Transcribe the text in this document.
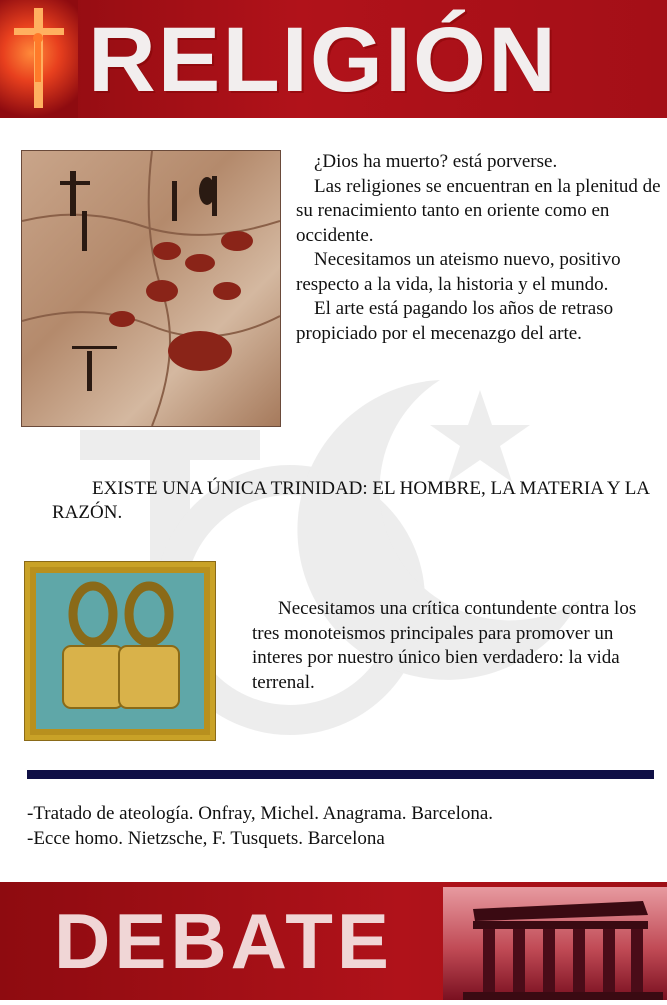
RELIGIÓN

¿Dios ha muerto? está porverse.

Las religiones se encuentran en la plenitud de su renacimiento tanto en oriente como en occidente.

Necesitamos un ateismo nuevo, positivo respecto a la vida, la historia y el mundo.

El arte está pagando los años de retraso propiciado por el mecenazgo del arte.

EXISTE UNA ÚNICA TRINIDAD: EL HOMBRE, LA MATERIA Y LA RAZÓN.
Necesitamos una crítica contundente contra los tres monoteismos principales para promover un interes por nuestro único bien verdadero: la vida terrenal.
-Tratado de ateología. Onfray, Michel. Anagrama. Barcelona.
-Ecce homo. Nietzsche, F. Tusquets. Barcelona
DEBATE
